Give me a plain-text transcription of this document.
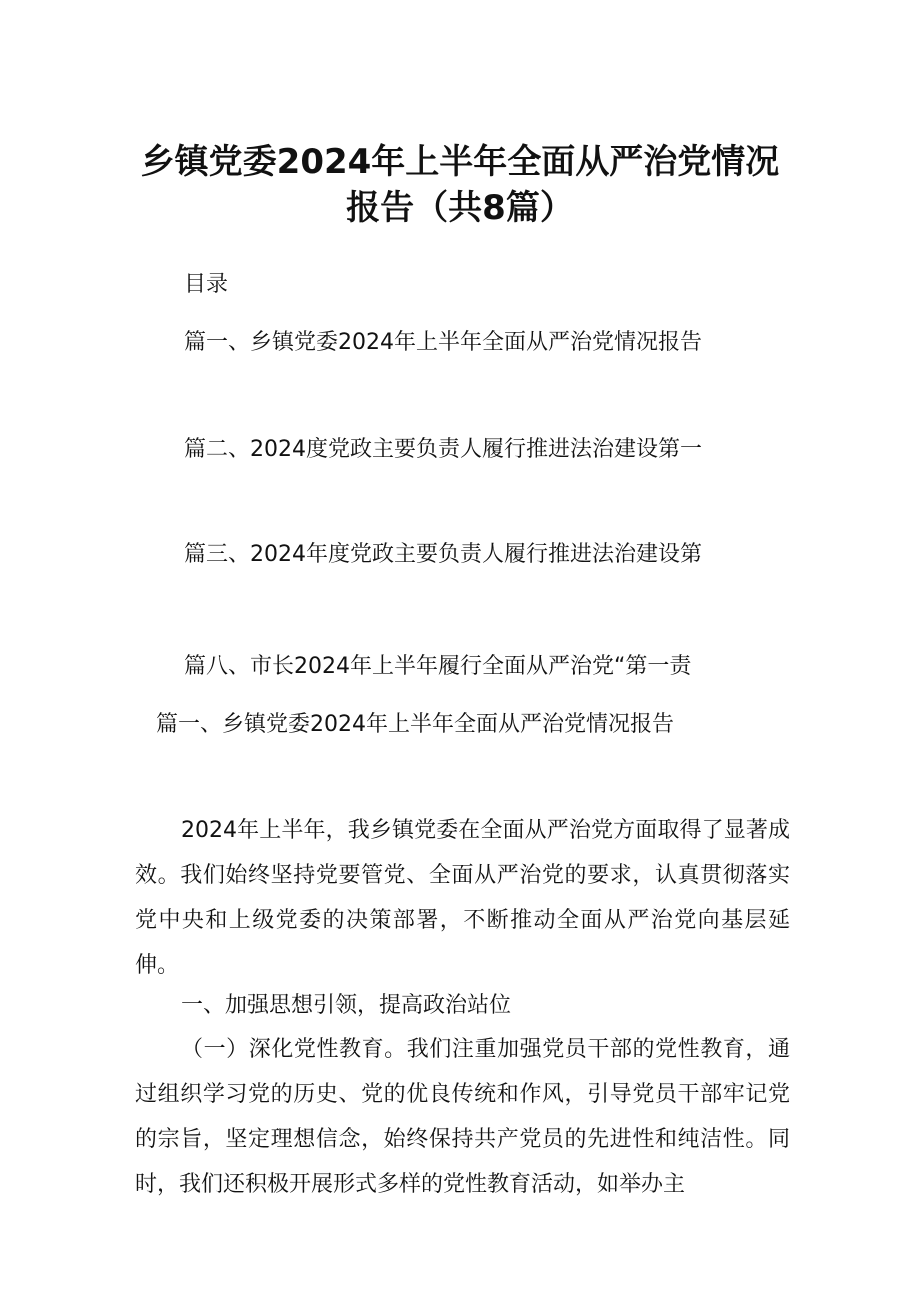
乡镇党委2024年上半年全面从严治党情况
报告（共8篇）
目录
篇一、乡镇党委2024年上半年全面从严治党情况报告
篇二、2024度党政主要负责人履行推进法治建设第一
篇三、2024年度党政主要负责人履行推进法治建设第
篇八、市长2024年上半年履行全面从严治党“第一责
篇一、乡镇党委2024年上半年全面从严治党情况报告

2024年上半年，我乡镇党委在全面从严治党方面取得了显著成效。我们始终坚持党要管党、全面从严治党的要求，认真贯彻落实党中央和上级党委的决策部署，不断推动全面从严治党向基层延伸。

一、加强思想引领，提高政治站位

（一）深化党性教育。我们注重加强党员干部的党性教育，通过组织学习党的历史、党的优良传统和作风，引导党员干部牢记党的宗旨，坚定理想信念，始终保持共产党员的先进性和纯洁性。同时，我们还积极开展形式多样的党性教育活动，如举办主
